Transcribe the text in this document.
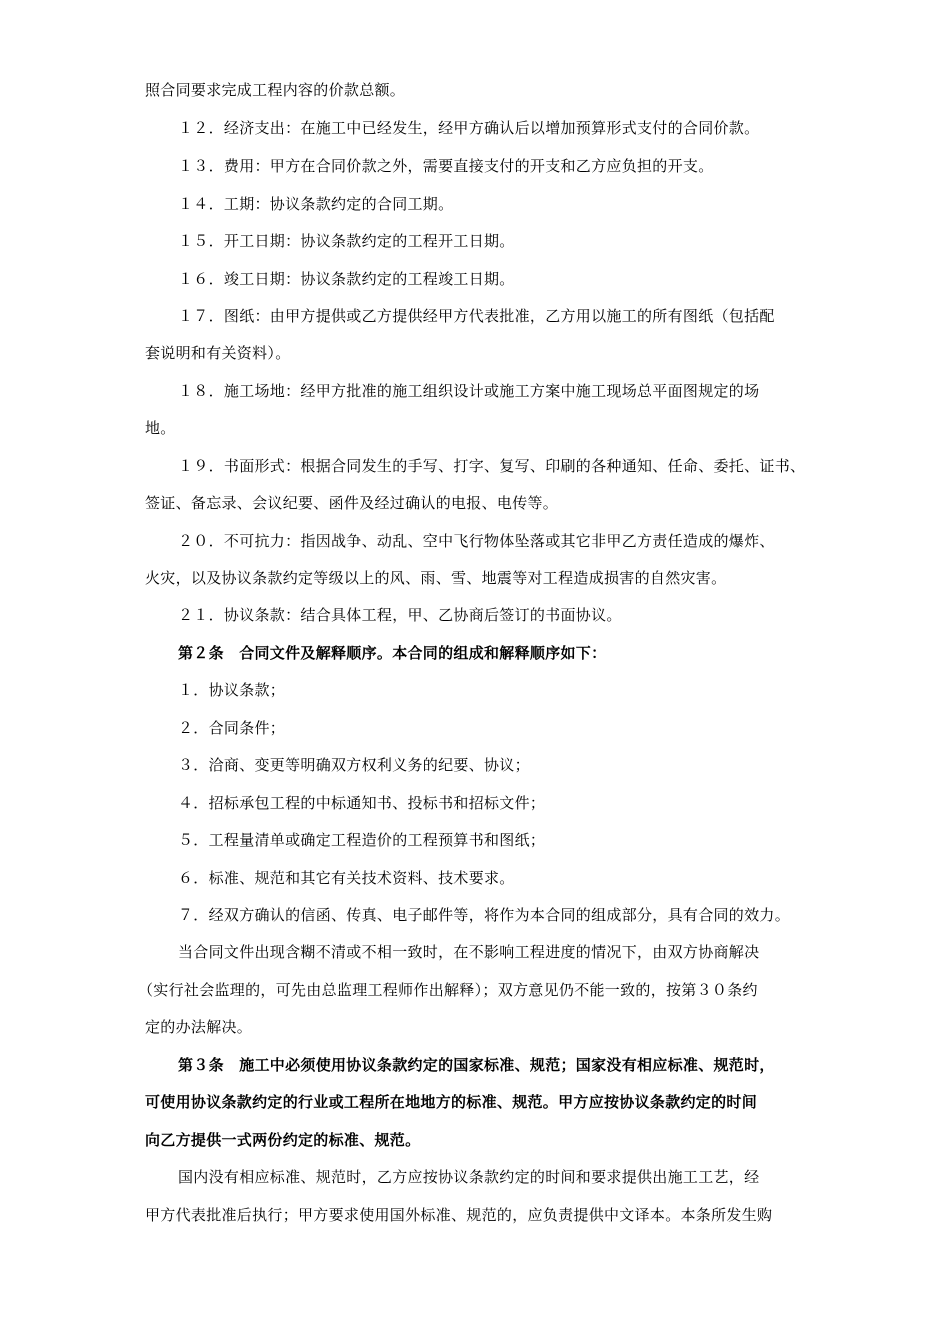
照合同要求完成工程内容的价款总额。
１２．经济支出：在施工中已经发生，经甲方确认后以增加预算形式支付的合同价款。
１３．费用：甲方在合同价款之外，需要直接支付的开支和乙方应负担的开支。
１４．工期：协议条款约定的合同工期。
１５．开工日期：协议条款约定的工程开工日期。
１６．竣工日期：协议条款约定的工程竣工日期。
１７．图纸：由甲方提供或乙方提供经甲方代表批准，乙方用以施工的所有图纸（包括配
套说明和有关资料）。
１８．施工场地：经甲方批准的施工组织设计或施工方案中施工现场总平面图规定的场
地。
１９．书面形式：根据合同发生的手写、打字、复写、印刷的各种通知、任命、委托、证书、
签证、备忘录、会议纪要、函件及经过确认的电报、电传等。
２０．不可抗力：指因战争、动乱、空中飞行物体坠落或其它非甲乙方责任造成的爆炸、
火灾，以及协议条款约定等级以上的风、雨、雪、地震等对工程造成损害的自然灾害。
２１．协议条款：结合具体工程，甲、乙协商后签订的书面协议。
第２条　合同文件及解释顺序。本合同的组成和解释顺序如下：
１．协议条款；
２．合同条件；
３．洽商、变更等明确双方权利义务的纪要、协议；
４．招标承包工程的中标通知书、投标书和招标文件；
５．工程量清单或确定工程造价的工程预算书和图纸；
６．标准、规范和其它有关技术资料、技术要求。
７．经双方确认的信函、传真、电子邮件等，将作为本合同的组成部分，具有合同的效力。
当合同文件出现含糊不清或不相一致时，在不影响工程进度的情况下，由双方协商解决
（实行社会监理的，可先由总监理工程师作出解释）；双方意见仍不能一致的，按第３０条约
定的办法解决。
第３条　施工中必须使用协议条款约定的国家标准、规范；国家没有相应标准、规范时，
可使用协议条款约定的行业或工程所在地地方的标准、规范。甲方应按协议条款约定的时间
向乙方提供一式两份约定的标准、规范。
国内没有相应标准、规范时，乙方应按协议条款约定的时间和要求提供出施工工艺，经
甲方代表批准后执行；甲方要求使用国外标准、规范的，应负责提供中文译本。本条所发生购
